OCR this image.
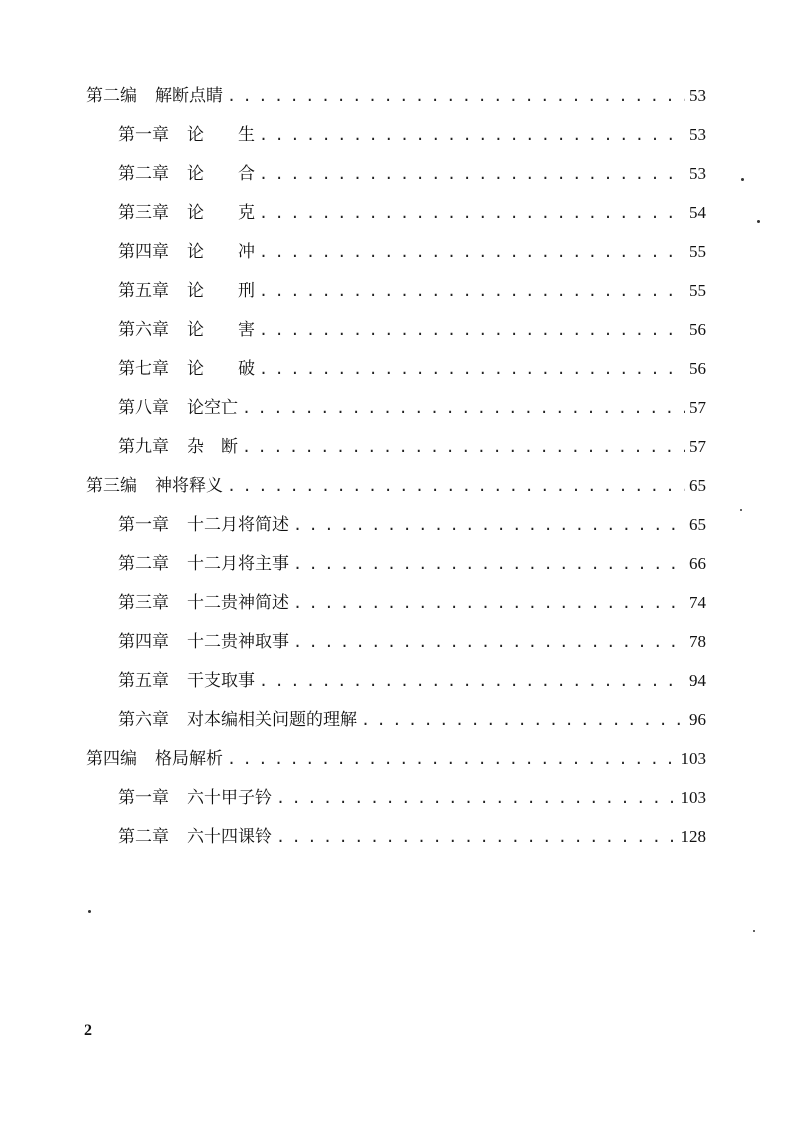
第二编	解断点睛 . . .	53
第一章	论　　生 . . .	53
第二章	论　　合 . . .	53
第三章	论　　克 . . .	54
第四章	论　　冲 . . .	55
第五章	论　　刑 . . .	55
第六章	论　　害 . . .	56
第七章	论　　破 . . .	56
第八章	论空亡 . . .	57
第九章	杂　断 . . .	57
第三编	神将释义 . . .	65
第一章	十二月将简述 . . .	65
第二章	十二月将主事 . . .	66
第三章	十二贵神简述 . . .	74
第四章	十二贵神取事 . . .	78
第五章	干支取事 . . .	94
第六章	对本编相关问题的理解 . . .	96
第四编	格局解析 . . .	103
第一章	六十甲子钤 . . .	103
第二章	六十四课铃 . . .	128
2
